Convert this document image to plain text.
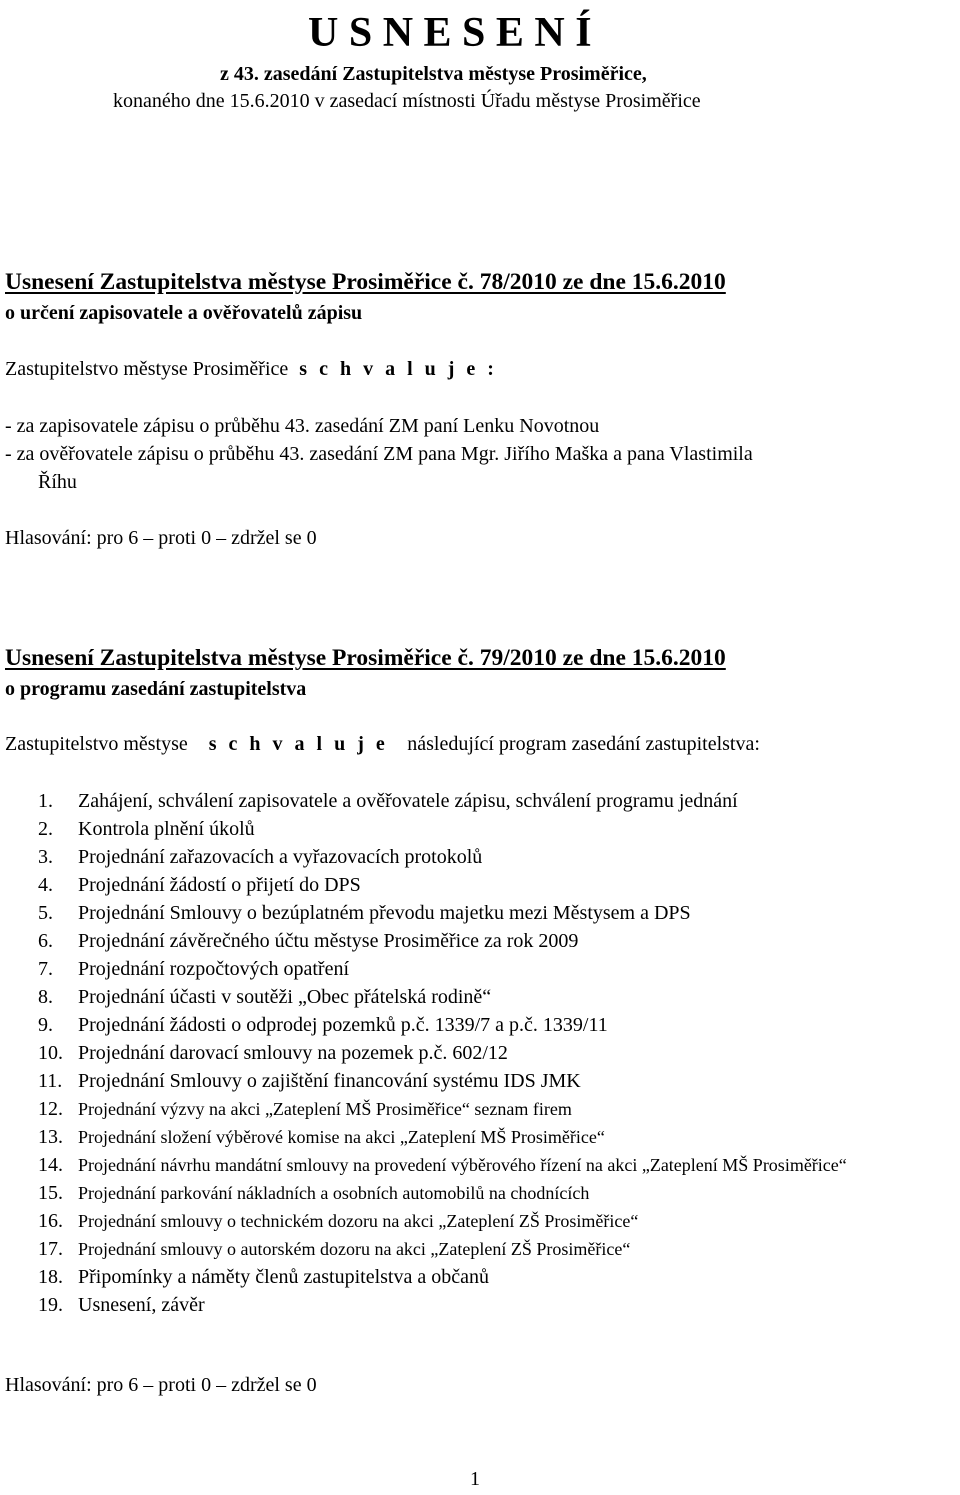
U S N E S E N Í
z 43. zasedání Zastupitelstva městyse Prosiměřice,
konaného dne 15.6.2010 v zasedací místnosti Úřadu městyse Prosiměřice
Usnesení Zastupitelstva městyse Prosiměřice č. 78/2010 ze dne 15.6.2010
o určení zapisovatele a ověřovatelů zápisu
Zastupitelstvo městyse Prosiměřice s c h v a l u j e :
- za zapisovatele zápisu o průběhu 43. zasedání ZM paní Lenku Novotnou
- za ověřovatele zápisu o průběhu 43. zasedání ZM pana Mgr. Jiřího Maška a pana Vlastimila
Říhu
Hlasování: pro 6 – proti 0 – zdržel se 0
Usnesení Zastupitelstva městyse Prosiměřice č. 79/2010 ze dne 15.6.2010
o programu zasedání zastupitelstva
Zastupitelstvo městyse s c h v a l u j e následující program zasedání zastupitelstva:
1. Zahájení, schválení zapisovatele a ověřovatele zápisu, schválení programu jednání
2. Kontrola plnění úkolů
3. Projednání zařazovacích a vyřazovacích protokolů
4. Projednání žádostí o přijetí do DPS
5. Projednání Smlouvy o bezúplatném převodu majetku mezi Městysem a DPS
6. Projednání závěrečného účtu městyse Prosiměřice za rok 2009
7. Projednání rozpočtových opatření
8. Projednání účasti v soutěži „Obec přátelská rodině“
9. Projednání žádosti o odprodej pozemků p.č. 1339/7 a p.č. 1339/11
10. Projednání darovací smlouvy na pozemek p.č. 602/12
11. Projednání Smlouvy o zajištění financování systému IDS JMK
12. Projednání výzvy na akci „Zateplení MŠ Prosiměřice“ seznam firem
13. Projednání složení výběrové komise na akci „Zateplení MŠ Prosiměřice“
14. Projednání návrhu mandátní smlouvy na provedení výběrového řízení na akci „Zateplení MŠ Prosiměřice“
15. Projednání parkování nákladních a osobních automobilů na chodnících
16. Projednání smlouvy o technickém dozoru na akci „Zateplení ZŠ Prosiměřice“
17. Projednání smlouvy o autorském dozoru na akci „Zateplení ZŠ Prosiměřice“
18. Připomínky a náměty členů zastupitelstva a občanů
19. Usnesení, závěr
Hlasování: pro 6 – proti 0 – zdržel se 0
1
